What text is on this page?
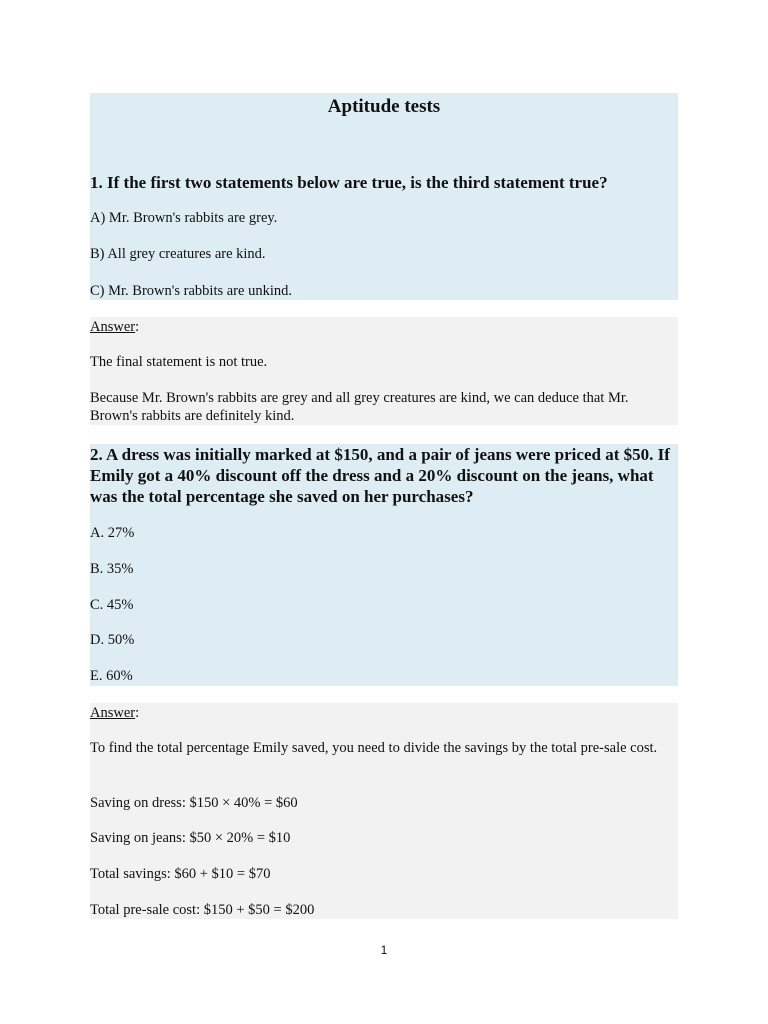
Aptitude tests

1. If the first two statements below are true, is the third statement true?

A) Mr. Brown's rabbits are grey.

B) All grey creatures are kind.

C) Mr. Brown's rabbits are unkind.

Answer:

The final statement is not true.

Because Mr. Brown's rabbits are grey and all grey creatures are kind, we can deduce that Mr. Brown's rabbits are definitely kind.

2. A dress was initially marked at $150, and a pair of jeans were priced at $50. If Emily got a 40% discount off the dress and a 20% discount on the jeans, what was the total percentage she saved on her purchases?

A. 27%

B. 35%

C. 45%

D. 50%

E. 60%

Answer:

To find the total percentage Emily saved, you need to divide the savings by the total pre-sale cost.

Saving on dress: $150 × 40% = $60

Saving on jeans: $50 × 20% = $10

Total savings: $60 + $10 = $70

Total pre-sale cost: $150 + $50 = $200

1
